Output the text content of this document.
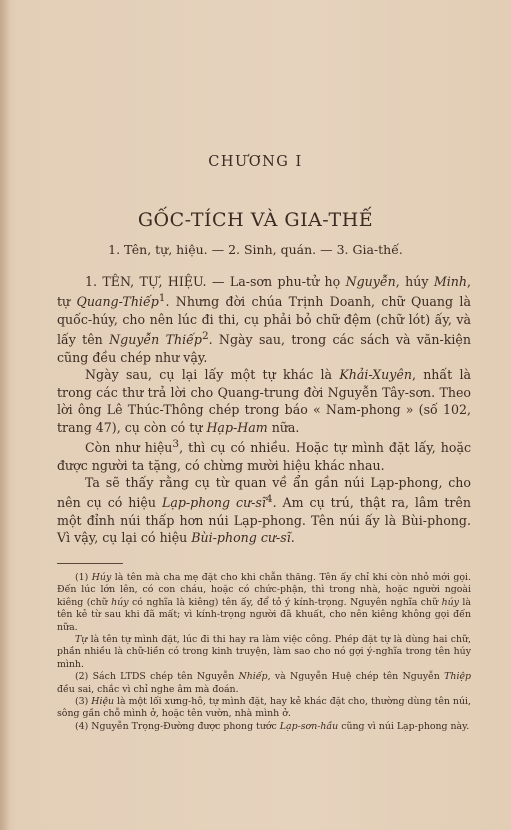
CHƯƠNG I
GỐC-TÍCH VÀ GIA-THẾ
1. Tên, tự, hiệu. — 2. Sinh, quán. — 3. Gia-thế.

1. TÊN, TỰ, HIỆU. — La-sơn phu-tử họ Nguyễn, húy Minh, tự Quang-Thiếp$^1$. Nhưng đời chúa Trịnh Doanh, chữ Quang là quốc-húy, cho nên lúc đi thi, cụ phải bỏ chữ đệm (chữ lót) ấy, và lấy tên Nguyễn Thiếp$^2$. Ngày sau, trong các sách và văn-kiện cũng đều chép như vậy.

Ngày sau, cụ lại lấy một tự khác là Khải-Xuyên, nhất là trong các thư trả lời cho Quang-trung đời Nguyễn Tây-sơn. Theo lời ông Lê Thúc-Thông chép trong báo « Nam-phong » (số 102, trang 47), cụ còn có tự Hạp-Ham nữa.

Còn như hiệu$^3$, thì cụ có nhiều. Hoặc tự mình đặt lấy, hoặc được người ta tặng, có chừng mười hiệu khác nhau.

Ta sẽ thấy rằng cụ từ quan về ẩn gần núi Lạp-phong, cho nên cụ có hiệu Lạp-phong $cư-sĩ^4$. Am cụ trú, thật ra, lâm trên một đỉnh núi thấp hơn núi Lạp-phong. Tên núi ấy là Bùi-phong. Vì vậy, cụ lại có hiệu Bùi-phong cư-sĩ.

(1) Húy là tên mà cha mẹ đặt cho khi chẵn thăng. Tên ấy chỉ khi còn nhỏ mới gọi. Đến lúc lớn lên, có con cháu, hoặc có chức-phận, thì trong nhà, hoặc người ngoài kiêng (chữ húy có nghĩa là kiêng) tên ấy, để tỏ ý kính-trọng. Nguyên nghĩa chữ húy là tên kẻ từ sau khi đã mất; vì kính-trọng người đã khuất, cho nên kiêng không gọi đến nữa.

Tự là tên tự mình đặt, lúc đi thi hay ra làm việc công. Phép đặt tự là dùng hai chữ, phần nhiều là chữ-liền có trong kinh truyện, làm sao cho nó gợi ý-nghĩa trong tên húy mình.

(2) Sách LTDS chép tên Nguyễn Nhiếp, và Nguyễn Huệ chép tên Nguyễn Thiệp đều sai, chắc vì chỉ nghe âm mà đoán.

(3) Hiệu là một lối xưng-hô, tự mình đặt, hay kẻ khác đặt cho, thường dùng tên núi, sông gần chỗ mình ở, hoặc tên vườn, nhà mình ở.

(4) Nguyễn Trọng-Đường được phong tước Lạp-sơn-hầu cũng vì núi Lạp-phong này.
